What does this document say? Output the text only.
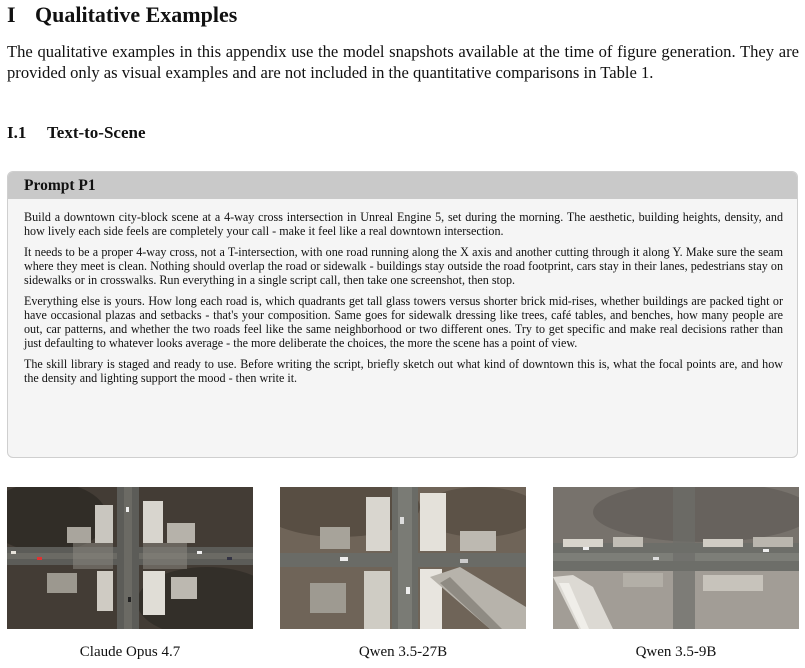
I Qualitative Examples

The qualitative examples in this appendix use the model snapshots available at the time of figure generation. They are provided only as visual examples and are not included in the quantitative comparisons in Table 1.

I.1 Text-to-Scene
Prompt P1

Build a downtown city-block scene at a 4-way cross intersection in Unreal Engine 5, set during the morning. The aesthetic, building heights, density, and how lively each side feels are completely your call - make it feel like a real downtown intersection.

It needs to be a proper 4-way cross, not a T-intersection, with one road running along the X axis and another cutting through it along Y. Make sure the seam where they meet is clean. Nothing should overlap the road or sidewalk - buildings stay outside the road footprint, cars stay in their lanes, pedestrians stay on sidewalks or in crosswalks. Run everything in a single script call, then take one screenshot, then stop.

Everything else is yours. How long each road is, which quadrants get tall glass towers versus shorter brick mid-rises, whether buildings are packed tight or have occasional plazas and setbacks - that's your composition. Same goes for sidewalk dressing like trees, café tables, and benches, how many people are out, car patterns, and whether the two roads feel like the same neighborhood or two different ones. Try to get specific and make real decisions rather than just defaulting to whatever looks average - the more deliberate the choices, the more the scene has a point of view.

The skill library is staged and ready to use. Before writing the script, briefly sketch out what kind of downtown this is, what the focal points are, and how the density and lighting support the mood - then write it.

Claude Opus 4.7	Qwen 3.5-27B	Qwen 3.5-9B
